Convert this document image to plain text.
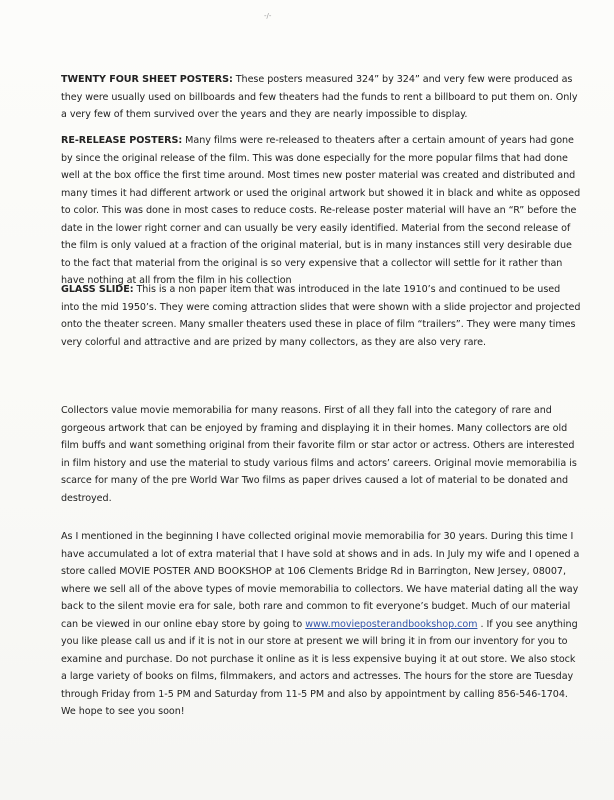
-/-

TWENTY FOUR SHEET POSTERS: These posters measured 324” by 324” and very few were produced as they were usually used on billboards and few theaters had the funds to rent a billboard to put them on. Only a very few of them survived over the years and they are nearly impossible to display.

RE-RELEASE POSTERS: Many films were re-released to theaters after a certain amount of years had gone by since the original release of the film. This was done especially for the more popular films that had done well at the box office the first time around. Most times new poster material was created and distributed and many times it had different artwork or used the original artwork but showed it in black and white as opposed to color. This was done in most cases to reduce costs. Re-release poster material will have an “R” before the date in the lower right corner and can usually be very easily identified. Material from the second release of the film is only valued at a fraction of the original material, but is in many instances still very desirable due to the fact that material from the original is so very expensive that a collector will settle for it rather than have nothing at all from the film in his collection

GLASS SLIDE: This is a non paper item that was introduced in the late 1910’s and continued to be used into the mid 1950’s. They were coming attraction slides that were shown with a slide projector and projected onto the theater screen. Many smaller theaters used these in place of film “trailers”. They were many times very colorful and attractive and are prized by many collectors, as they are also very rare.

Collectors value movie memorabilia for many reasons. First of all they fall into the category of rare and gorgeous artwork that can be enjoyed by framing and displaying it in their homes. Many collectors are old film buffs and want something original from their favorite film or star actor or actress. Others are interested in film history and use the material to study various films and actors’ careers. Original movie memorabilia is scarce for many of the pre World War Two films as paper drives caused a lot of material to be donated and destroyed.

As I mentioned in the beginning I have collected original movie memorabilia for 30 years. During this time I have accumulated a lot of extra material that I have sold at shows and in ads. In July my wife and I opened a store called MOVIE POSTER AND BOOKSHOP at 106 Clements Bridge Rd in Barrington, New Jersey, 08007, where we sell all of the above types of movie memorabilia to collectors. We have material dating all the way back to the silent movie era for sale, both rare and common to fit everyone’s budget. Much of our material can be viewed in our online ebay store by going to www.movieposterandbookshop.com . If you see anything you like please call us and if it is not in our store at present we will bring it in from our inventory for you to examine and purchase. Do not purchase it online as it is less expensive buying it at out store. We also stock a large variety of books on films, filmmakers, and actors and actresses. The hours for the store are Tuesday through Friday from 1-5 PM and Saturday from 11-5 PM and also by appointment by calling 856-546-1704. We hope to see you soon!
